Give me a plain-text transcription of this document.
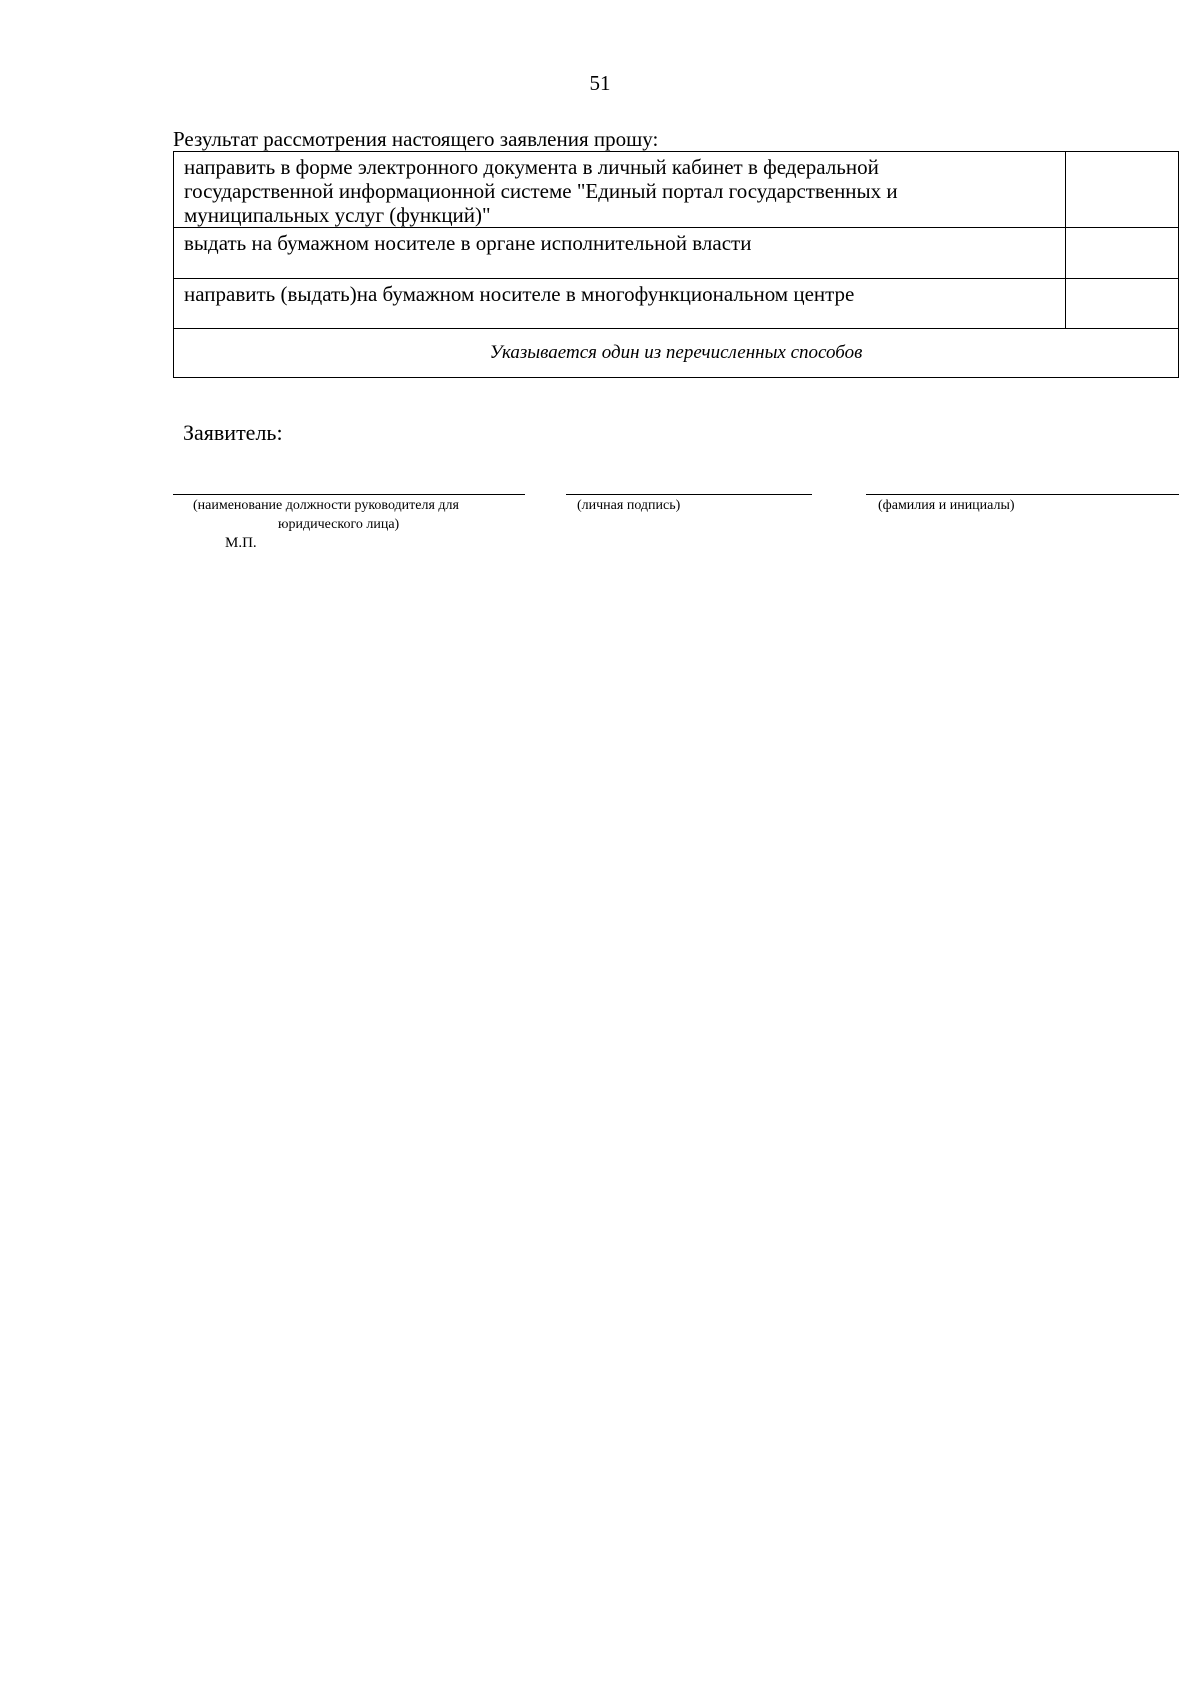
51
Результат рассмотрения настоящего заявления прошу:
направить в форме электронного документа в личный кабинет в федеральной
государственной информационной системе "Единый портал государственных и
муниципальных услуг (функций)"	

выдать на бумажном носителе в органе исполнительной власти	

направить (выдать)на бумажном носителе в многофункциональном центре	

Указывается один из перечисленных способов	
Заявитель:
(наименование должности руководителя для
юридического лица)
(личная подпись)	(фамилия и инициалы)
М.П.
